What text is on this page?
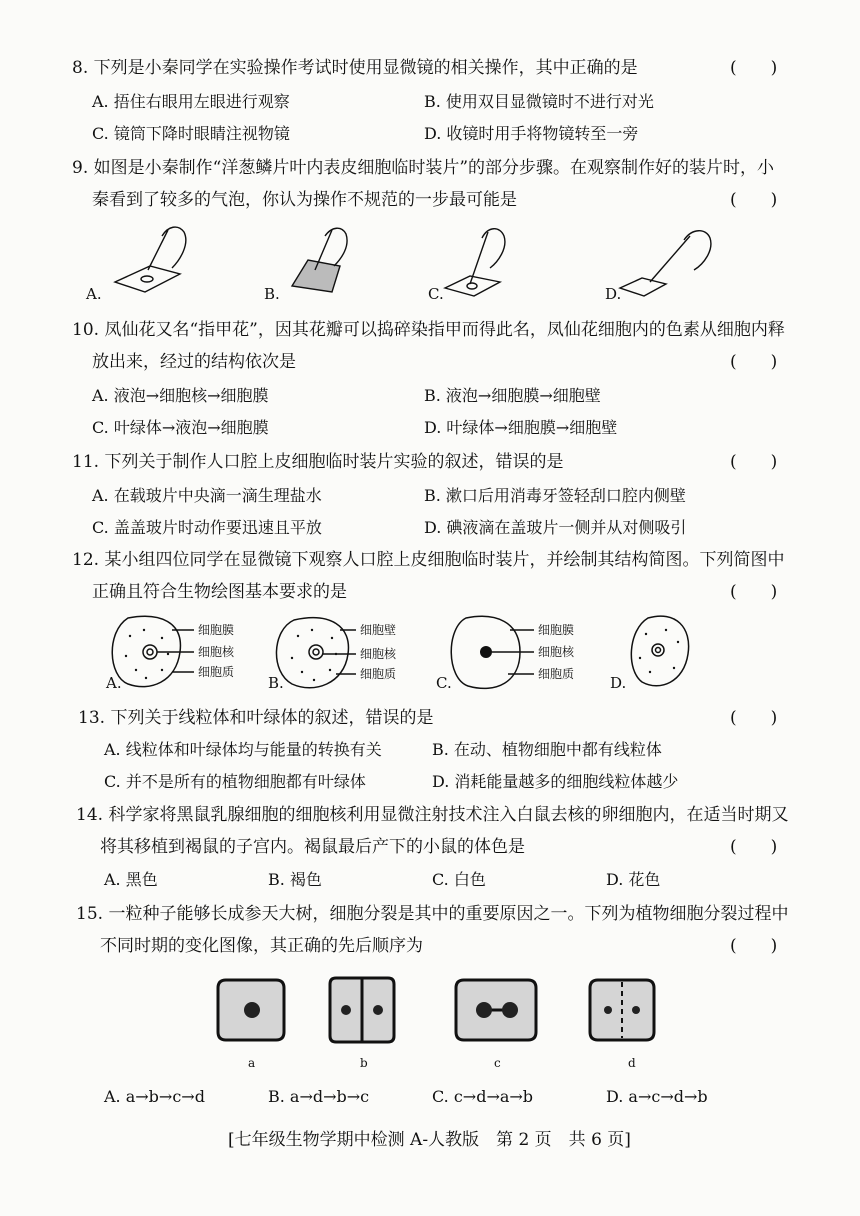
8. 下列是小秦同学在实验操作考试时使用显微镜的相关操作，其中正确的是	(　　)
A. 捂住右眼用左眼进行观察	B. 使用双目显微镜时不进行对光
C. 镜筒下降时眼睛注视物镜	D. 收镜时用手将物镜转至一旁
9. 如图是小秦制作“洋葱鳞片叶内表皮细胞临时装片”的部分步骤。在观察制作好的装片时，小
秦看到了较多的气泡，你认为操作不规范的一步最可能是	(　　)
A.	B.	C.	D.
10. 凤仙花又名“指甲花”，因其花瓣可以捣碎染指甲而得此名，凤仙花细胞内的色素从细胞内释
放出来，经过的结构依次是	(　　)
A. 液泡→细胞核→细胞膜	B. 液泡→细胞膜→细胞壁
C. 叶绿体→液泡→细胞膜	D. 叶绿体→细胞膜→细胞壁
11. 下列关于制作人口腔上皮细胞临时装片实验的叙述，错误的是	(　　)
A. 在载玻片中央滴一滴生理盐水	B. 漱口后用消毒牙签轻刮口腔内侧壁
C. 盖盖玻片时动作要迅速且平放	D. 碘液滴在盖玻片一侧并从对侧吸引
12. 某小组四位同学在显微镜下观察人口腔上皮细胞临时装片，并绘制其结构简图。下列简图中
正确且符合生物绘图基本要求的是	(　　)
细胞膜
细胞核
细胞质
细胞壁
细胞核
细胞质
细胞膜
细胞核
细胞质
A.	B.	C.	D.
13. 下列关于线粒体和叶绿体的叙述，错误的是	(　　)
A. 线粒体和叶绿体均与能量的转换有关	B. 在动、植物细胞中都有线粒体
C. 并不是所有的植物细胞都有叶绿体	D. 消耗能量越多的细胞线粒体越少
14. 科学家将黑鼠乳腺细胞的细胞核利用显微注射技术注入白鼠去核的卵细胞内，在适当时期又
将其移植到褐鼠的子宫内。褐鼠最后产下的小鼠的体色是	(　　)
A. 黑色	B. 褐色	C. 白色	D. 花色
15. 一粒种子能够长成参天大树，细胞分裂是其中的重要原因之一。下列为植物细胞分裂过程中
不同时期的变化图像，其正确的先后顺序为	(　　)
a	b	c	d
A. a→b→c→d	B. a→d→b→c	C. c→d→a→b	D. a→c→d→b
[七年级生物学期中检测 A-人教版　第 2 页　共 6 页]
